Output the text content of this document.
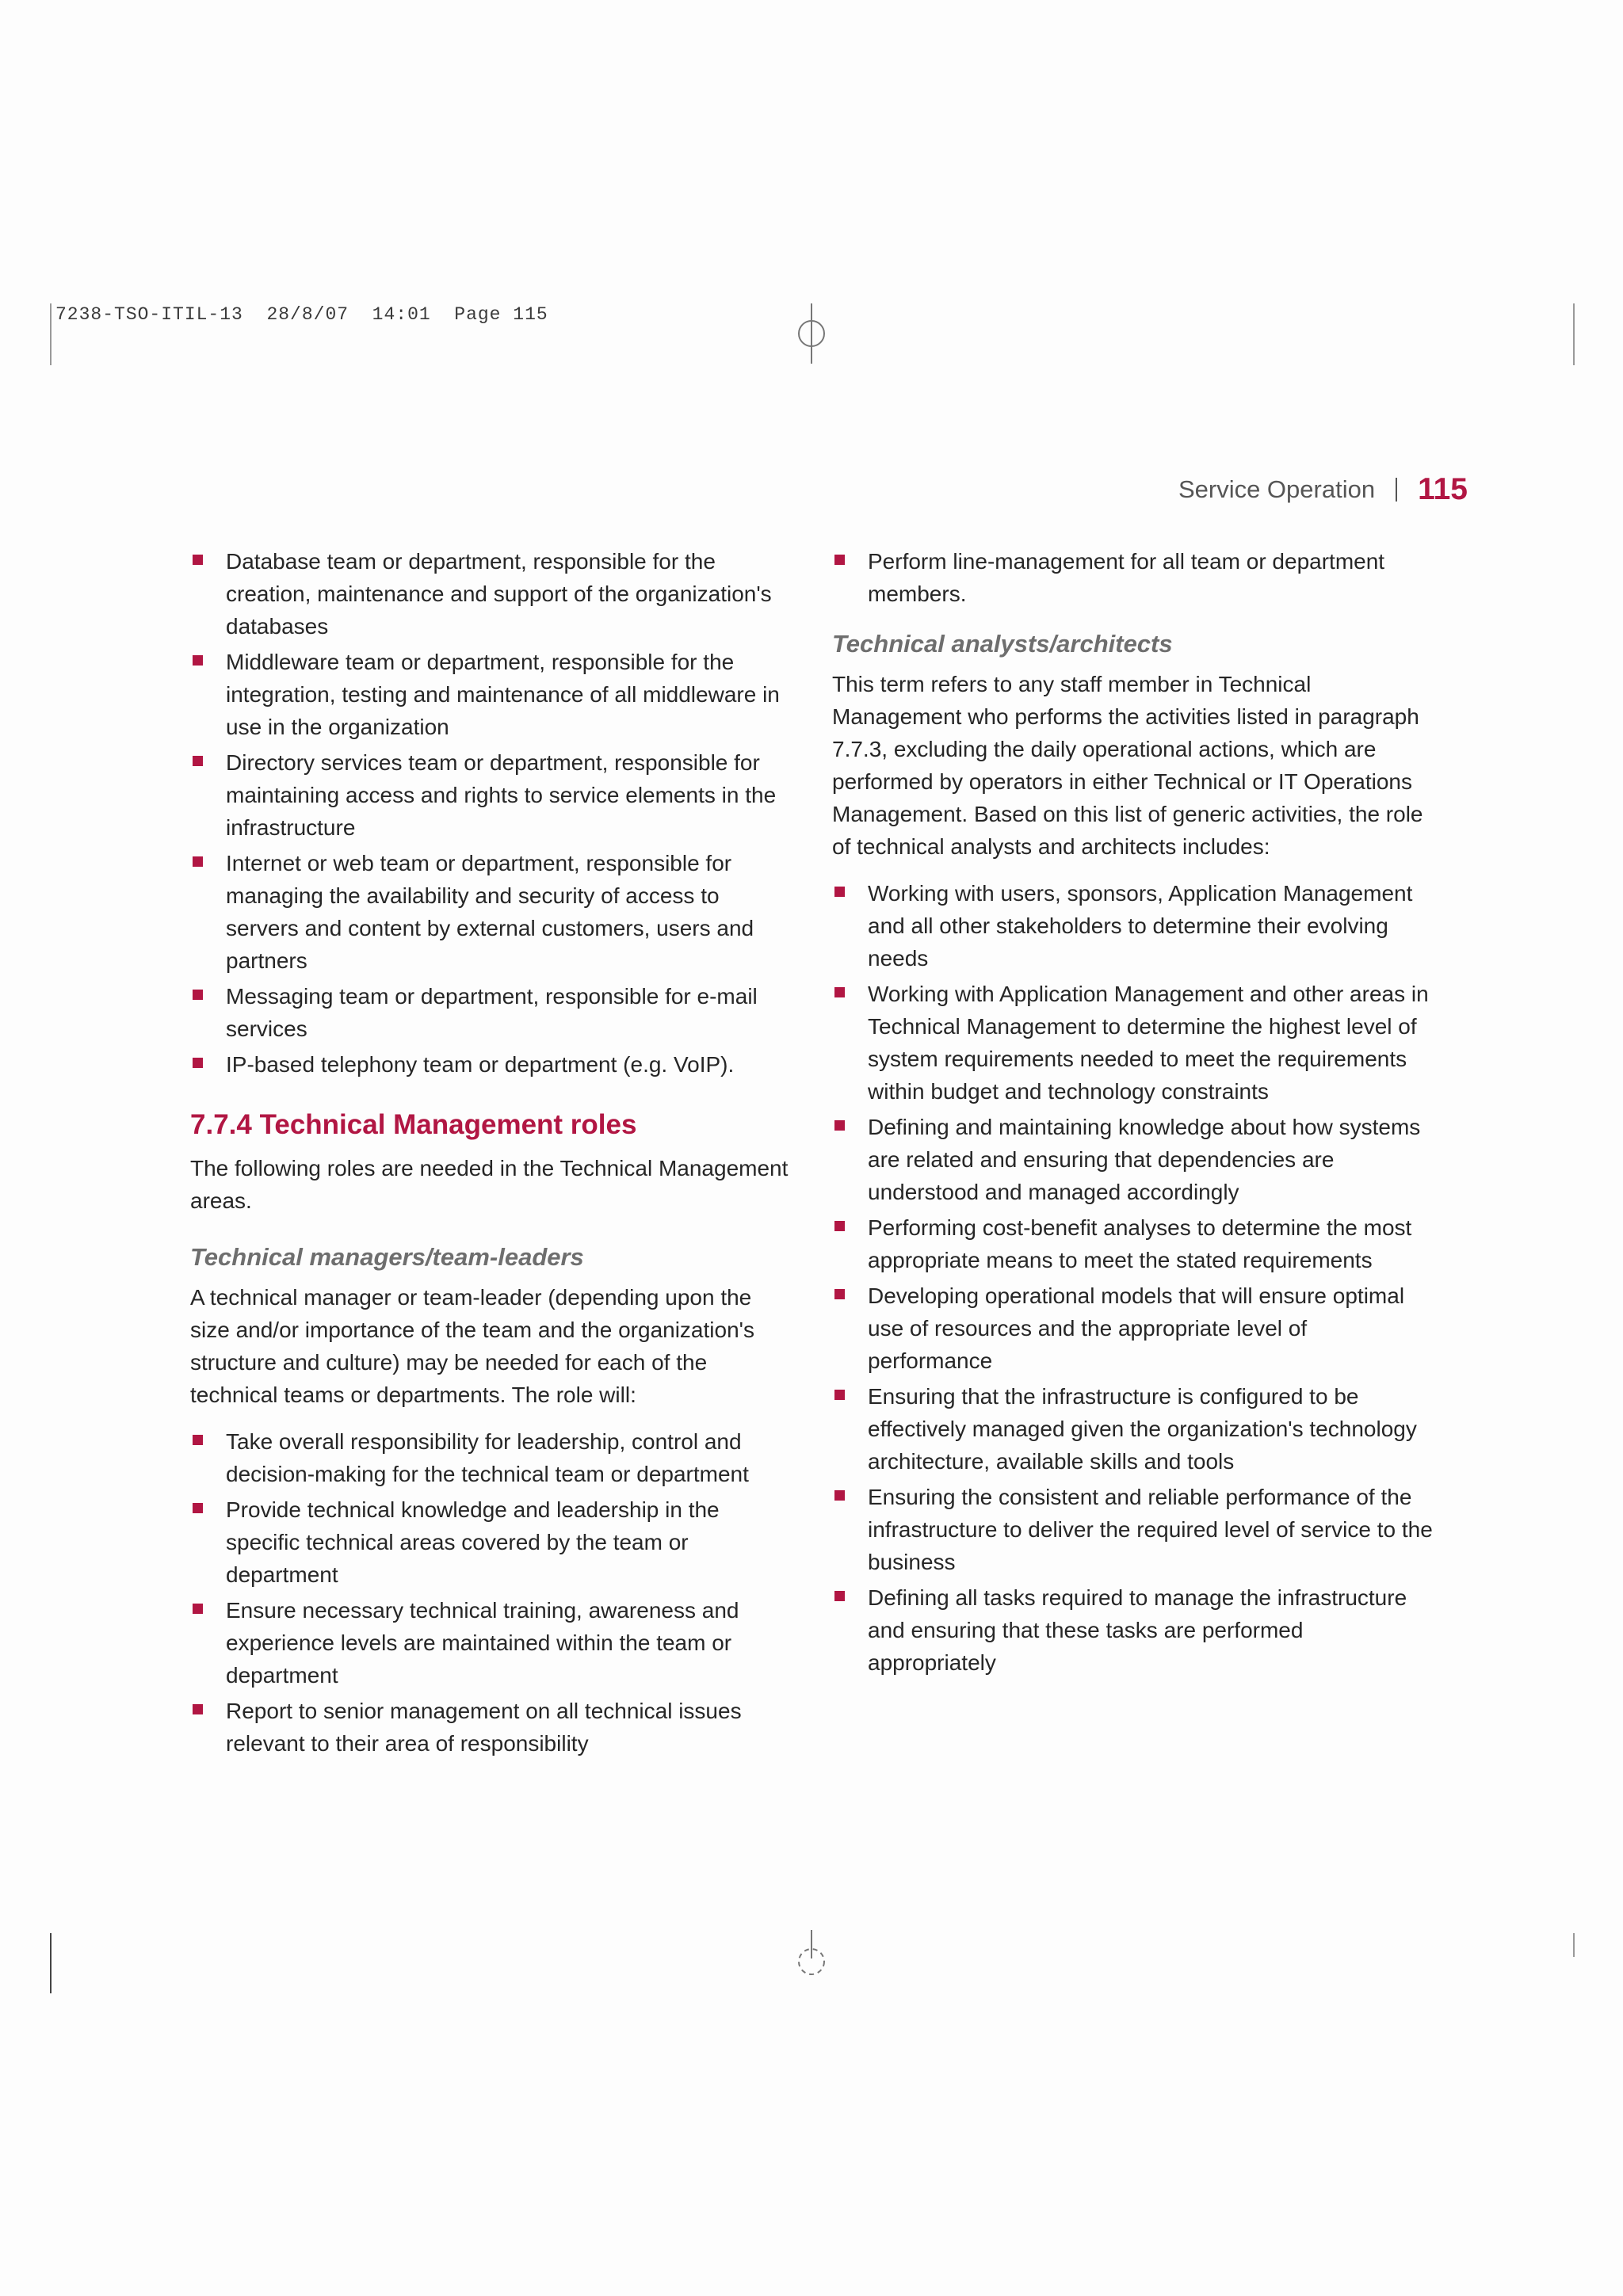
7238-TSO-ITIL-13  28/8/07  14:01  Page 115
Service Operation 115
Database team or department, responsible for the creation, maintenance and support of the organization's databases
Middleware team or department, responsible for the integration, testing and maintenance of all middleware in use in the organization
Directory services team or department, responsible for maintaining access and rights to service elements in the infrastructure
Internet or web team or department, responsible for managing the availability and security of access to servers and content by external customers, users and partners
Messaging team or department, responsible for e-mail services
IP-based telephony team or department (e.g. VoIP).
7.7.4 Technical Management roles

The following roles are needed in the Technical Management areas.

Technical managers/team-leaders

A technical manager or team-leader (depending upon the size and/or importance of the team and the organization's structure and culture) may be needed for each of the technical teams or departments. The role will:

Take overall responsibility for leadership, control and decision-making for the technical team or department
Provide technical knowledge and leadership in the specific technical areas covered by the team or department
Ensure necessary technical training, awareness and experience levels are maintained within the team or department
Report to senior management on all technical issues relevant to their area of responsibility
Perform line-management for all team or department members.
Technical analysts/architects

This term refers to any staff member in Technical Management who performs the activities listed in paragraph 7.7.3, excluding the daily operational actions, which are performed by operators in either Technical or IT Operations Management. Based on this list of generic activities, the role of technical analysts and architects includes:

Working with users, sponsors, Application Management and all other stakeholders to determine their evolving needs
Working with Application Management and other areas in Technical Management to determine the highest level of system requirements needed to meet the requirements within budget and technology constraints
Defining and maintaining knowledge about how systems are related and ensuring that dependencies are understood and managed accordingly
Performing cost-benefit analyses to determine the most appropriate means to meet the stated requirements
Developing operational models that will ensure optimal use of resources and the appropriate level of performance
Ensuring that the infrastructure is configured to be effectively managed given the organization's technology architecture, available skills and tools
Ensuring the consistent and reliable performance of the infrastructure to deliver the required level of service to the business
Defining all tasks required to manage the infrastructure and ensuring that these tasks are performed appropriately
